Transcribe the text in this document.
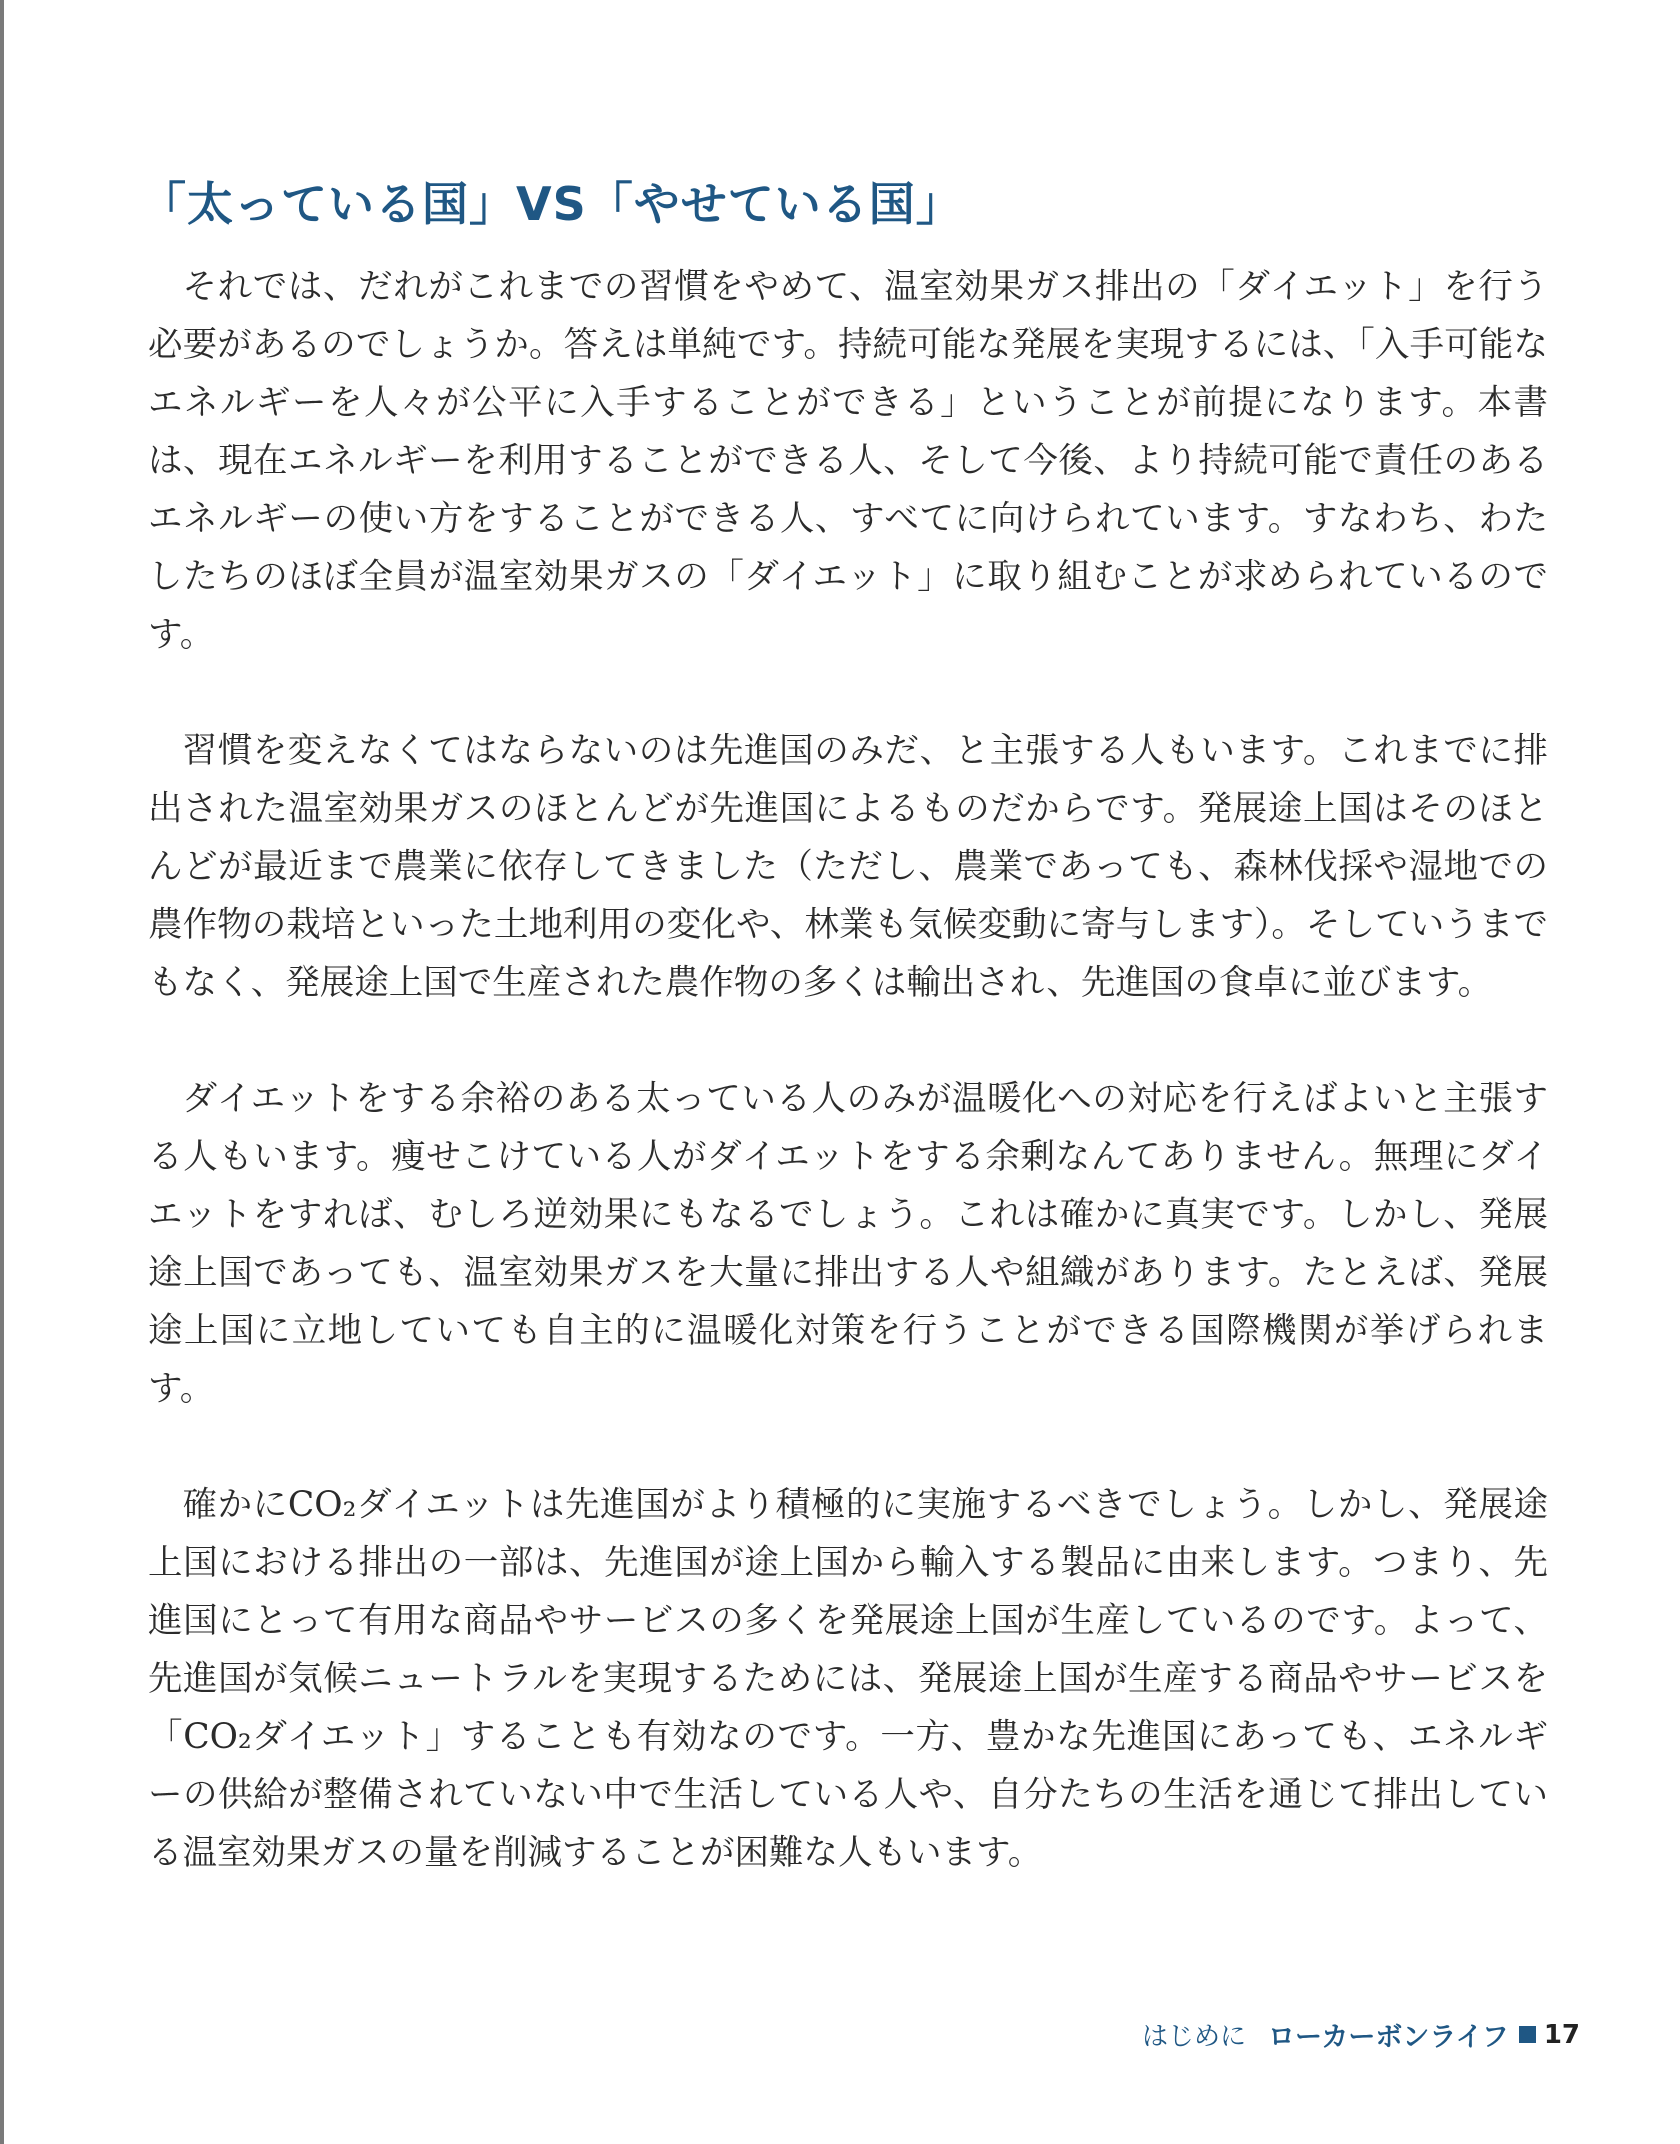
「太っている国」VS「やせている国」

それでは、だれがこれまでの習慣をやめて、温室効果ガス排出の「ダイエット」を行う必要があるのでしょうか。答えは単純です。持続可能な発展を実現するには、「入手可能なエネルギーを人々が公平に入手することができる」ということが前提になります。本書は、現在エネルギーを利用することができる人、そして今後、より持続可能で責任のあるエネルギーの使い方をすることができる人、すべてに向けられています。すなわち、わたしたちのほぼ全員が温室効果ガスの「ダイエット」に取り組むことが求められているのです。

習慣を変えなくてはならないのは先進国のみだ、と主張する人もいます。これまでに排出された温室効果ガスのほとんどが先進国によるものだからです。発展途上国はそのほとんどが最近まで農業に依存してきました（ただし、農業であっても、森林伐採や湿地での農作物の栽培といった土地利用の変化や、林業も気候変動に寄与します）。そしていうまでもなく、発展途上国で生産された農作物の多くは輸出され、先進国の食卓に並びます。

ダイエットをする余裕のある太っている人のみが温暖化への対応を行えばよいと主張する人もいます。痩せこけている人がダイエットをする余剰なんてありません。無理にダイエットをすれば、むしろ逆効果にもなるでしょう。これは確かに真実です。しかし、発展途上国であっても、温室効果ガスを大量に排出する人や組織があります。たとえば、発展途上国に立地していても自主的に温暖化対策を行うことができる国際機関が挙げられます。

確かにCO₂ダイエットは先進国がより積極的に実施するべきでしょう。しかし、発展途上国における排出の一部は、先進国が途上国から輸入する製品に由来します。つまり、先進国にとって有用な商品やサービスの多くを発展途上国が生産しているのです。よって、先進国が気候ニュートラルを実現するためには、発展途上国が生産する商品やサービスを「CO₂ダイエット」することも有効なのです。一方、豊かな先進国にあっても、エネルギーの供給が整備されていない中で生活している人や、自分たちの生活を通じて排出している温室効果ガスの量を削減することが困難な人もいます。

はじめに ローカーボンライフ 17
